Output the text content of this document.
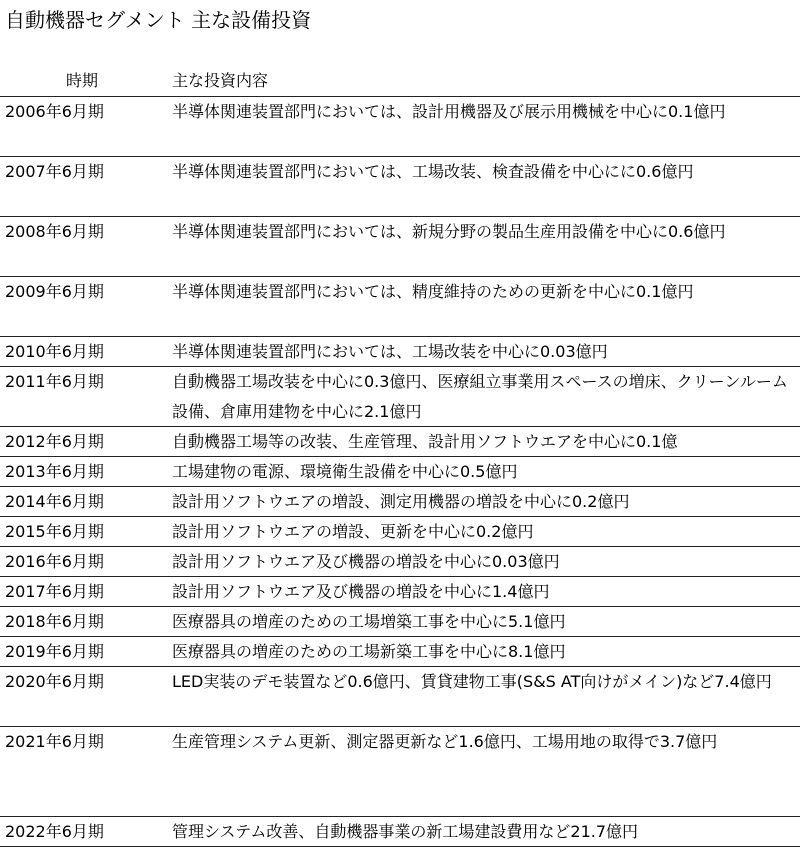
自動機器セグメント 主な設備投資
時期	主な投資内容
2006年6月期	半導体関連装置部門においては、設計用機器及び展示用機械を中心に0.1億円
2007年6月期	半導体関連装置部門においては、工場改装、検査設備を中心にに0.6億円
2008年6月期	半導体関連装置部門においては、新規分野の製品生産用設備を中心に0.6億円
2009年6月期	半導体関連装置部門においては、精度維持のための更新を中心に0.1億円
2010年6月期	半導体関連装置部門においては、工場改装を中心に0.03億円
2011年6月期	自動機器工場改装を中心に0.3億円、医療組立事業用スペースの増床、クリーンルーム設備、倉庫用建物を中心に2.1億円
2012年6月期	自動機器工場等の改装、生産管理、設計用ソフトウエアを中心に0.1億
2013年6月期	工場建物の電源、環境衛生設備を中心に0.5億円
2014年6月期	設計用ソフトウエアの増設、測定用機器の増設を中心に0.2億円
2015年6月期	設計用ソフトウエアの増設、更新を中心に0.2億円
2016年6月期	設計用ソフトウエア及び機器の増設を中心に0.03億円
2017年6月期	設計用ソフトウエア及び機器の増設を中心に1.4億円
2018年6月期	医療器具の増産のための工場増築工事を中心に5.1億円
2019年6月期	医療器具の増産のための工場新築工事を中心に8.1億円
2020年6月期	LED実装のデモ装置など0.6億円、賃貸建物工事(S&S AT向けがメイン)など7.4億円
2021年6月期	生産管理システム更新、測定器更新など1.6億円、工場用地の取得で3.7億円
2022年6月期	管理システム改善、自動機器事業の新工場建設費用など21.7億円
